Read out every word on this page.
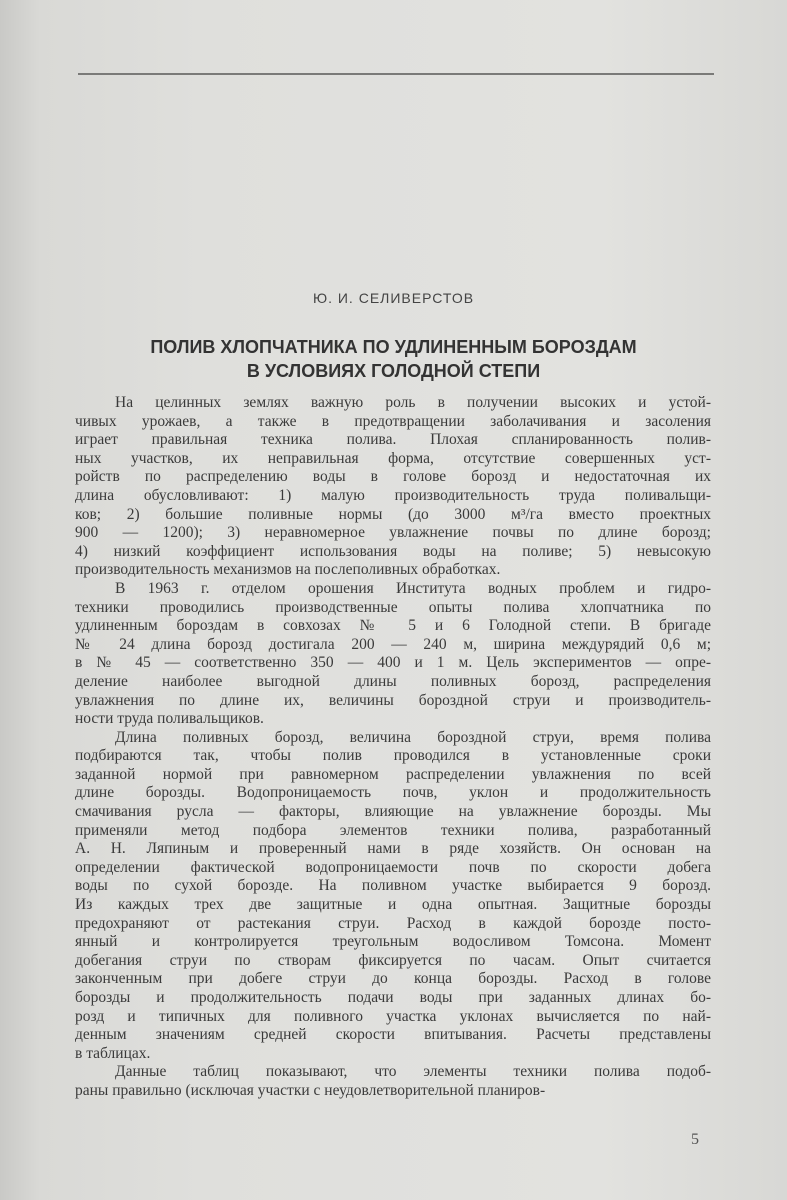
Ю. И. СЕЛИВЕРСТОВ
ПОЛИВ ХЛОПЧАТНИКА ПО УДЛИНЕННЫМ БОРОЗДАМ
В УСЛОВИЯХ ГОЛОДНОЙ СТЕПИ
На целинных землях важную роль в получении высоких и устой-
чивых урожаев, а также в предотвращении заболачивания и засоления
играет правильная техника полива. Плохая спланированность полив-
ных участков, их неправильная форма, отсутствие совершенных уст-
ройств по распределению воды в голове борозд и недостаточная их
длина обусловливают: 1) малую производительность труда поливальщи-
ков; 2) большие поливные нормы (до 3000 м³/га вместо проектных
900 — 1200); 3) неравномерное увлажнение почвы по длине борозд;
4) низкий коэффициент использования воды на поливе; 5) невысокую
производительность механизмов на послеполивных обработках.
В 1963 г. отделом орошения Института водных проблем и гидро-
техники проводились производственные опыты полива хлопчатника по
удлиненным бороздам в совхозах № 5 и 6 Голодной степи. В бригаде
№ 24 длина борозд достигала 200 — 240 м, ширина междурядий 0,6 м;
в № 45 — соответственно 350 — 400 и 1 м. Цель экспериментов — опре-
деление наиболее выгодной длины поливных борозд, распределения
увлажнения по длине их, величины бороздной струи и производитель-
ности труда поливальщиков.
Длина поливных борозд, величина бороздной струи, время полива
подбираются так, чтобы полив проводился в установленные сроки
заданной нормой при равномерном распределении увлажнения по всей
длине борозды. Водопроницаемость почв, уклон и продолжительность
смачивания русла — факторы, влияющие на увлажнение борозды. Мы
применяли метод подбора элементов техники полива, разработанный
А. Н. Ляпиным и проверенный нами в ряде хозяйств. Он основан на
определении фактической водопроницаемости почв по скорости добега
воды по сухой борозде. На поливном участке выбирается 9 борозд.
Из каждых трех две защитные и одна опытная. Защитные борозды
предохраняют от растекания струи. Расход в каждой борозде посто-
янный и контролируется треугольным водосливом Томсона. Момент
добегания струи по створам фиксируется по часам. Опыт считается
законченным при добеге струи до конца борозды. Расход в голове
борозды и продолжительность подачи воды при заданных длинах бо-
розд и типичных для поливного участка уклонах вычисляется по най-
денным значениям средней скорости впитывания. Расчеты представлены
в таблицах.
Данные таблиц показывают, что элементы техники полива подоб-
раны правильно (исключая участки с неудовлетворительной планиров-
5
